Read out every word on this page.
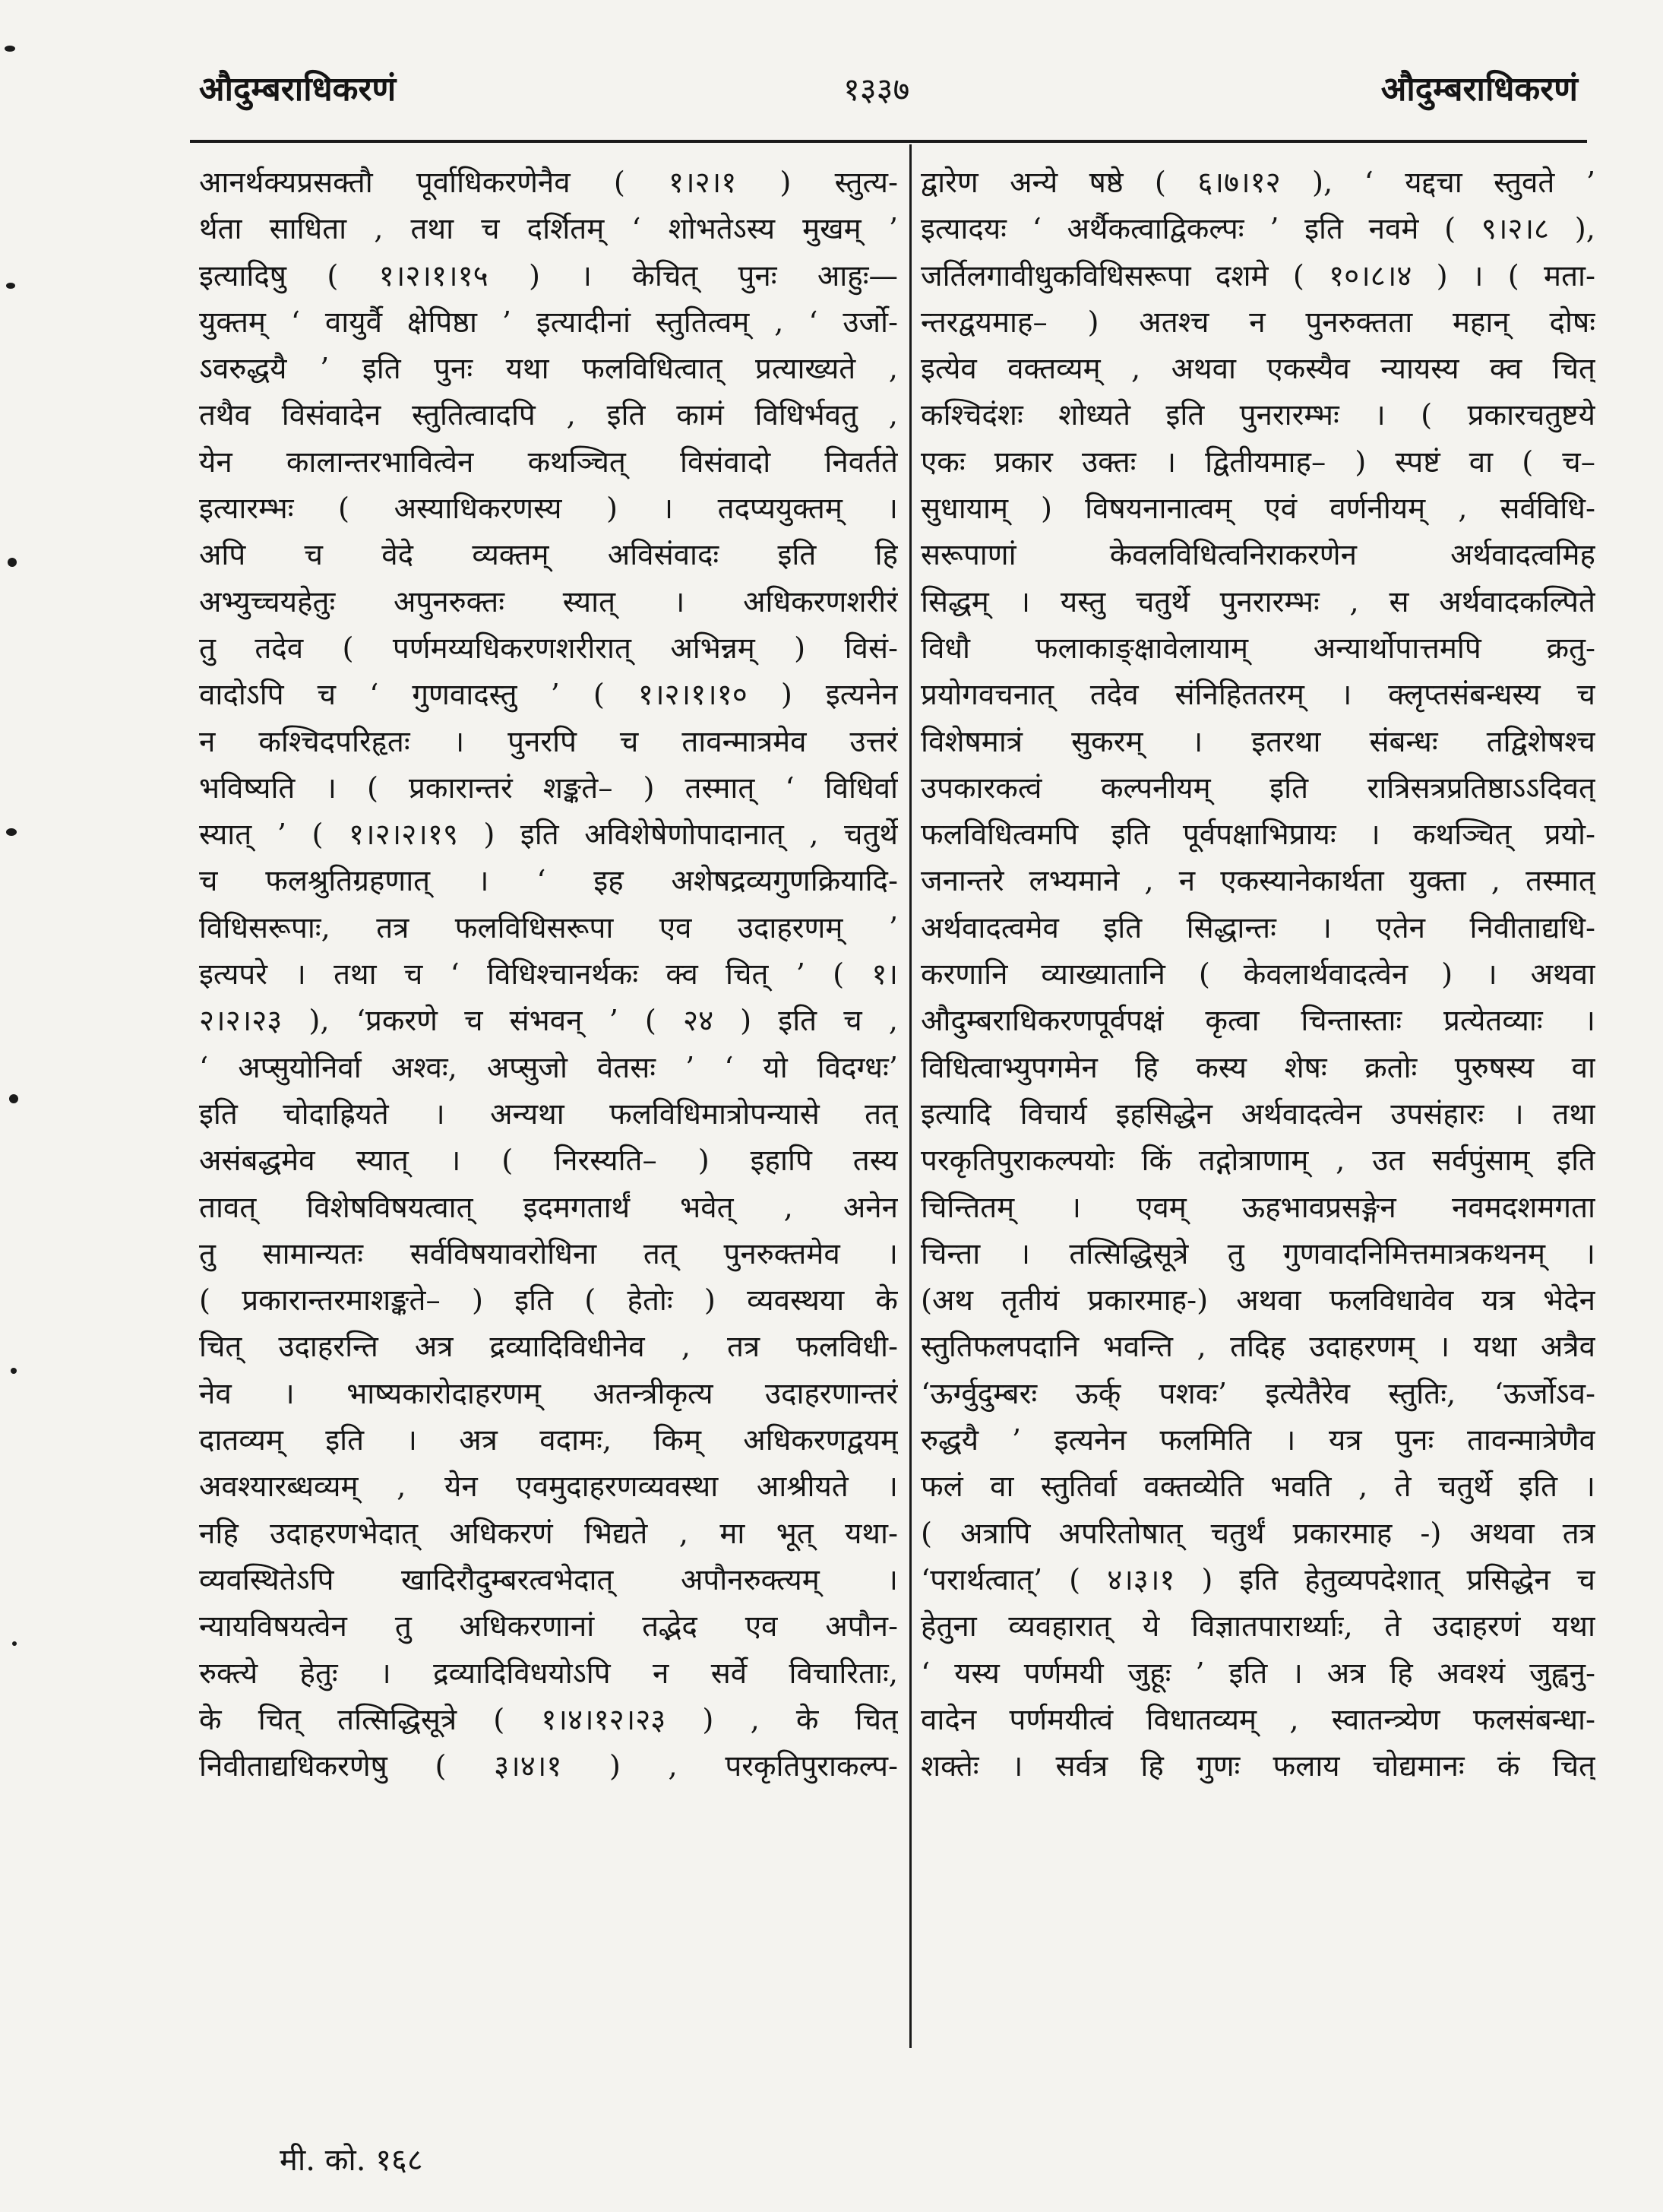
औदुम्बराधिकरणं	१३३७	औदुम्बराधिकरणं
आनर्थक्यप्रसक्तौ पूर्वाधिकरणेनैव ( १।२।१ ) स्तुत्य-
र्थता साधिता , तथा च दर्शितम् ‘ शोभतेऽस्य मुखम् ’
इत्यादिषु ( १।२।१।१५ ) । केचित् पुनः आहुः—
युक्तम् ‘ वायुर्वै क्षेपिष्ठा ’ इत्यादीनां स्तुतित्वम् , ‘ उर्जो-
ऽवरुद्धयै ’ इति पुनः यथा फलविधित्वात् प्रत्याख्यते ,
तथैव विसंवादेन स्तुतित्वादपि , इति कामं विधिर्भवतु ,
येन कालान्तरभावित्वेन कथञ्चित् विसंवादो निवर्तते
इत्यारम्भः ( अस्याधिकरणस्य ) । तदप्ययुक्तम् ।
अपि च वेदे व्यक्तम् अविसंवादः इति हि
अभ्युच्चयहेतुः अपुनरुक्तः स्यात् । अधिकरणशरीरं
तु तदेव ( पर्णमय्यधिकरणशरीरात् अभिन्नम् ) विसं-
वादोऽपि च ‘ गुणवादस्तु ’ ( १।२।१।१० ) इत्यनेन
न कश्चिदपरिहृतः । पुनरपि च तावन्मात्रमेव उत्तरं
भविष्यति । ( प्रकारान्तरं शङ्कते– ) तस्मात् ‘ विधिर्वा
स्यात् ’ ( १।२।२।१९ ) इति अविशेषेणोपादानात् , चतुर्थे
च फलश्रुतिग्रहणात् । ‘ इह अशेषद्रव्यगुणक्रियादि-
विधिसरूपाः, तत्र फलविधिसरूपा एव उदाहरणम् ’
इत्यपरे । तथा च ‘ विधिश्चानर्थकः क्व चित् ’ ( १।
२।२।२३ ), ‘प्रकरणे च संभवन् ’ ( २४ ) इति च ,
‘ अप्सुयोनिर्वा अश्वः, अप्सुजो वेतसः ’ ‘ यो विदग्धः’
इति चोदाह्रियते । अन्यथा फलविधिमात्रोपन्यासे तत्
असंबद्धमेव स्यात् । ( निरस्यति– ) इहापि तस्य
तावत् विशेषविषयत्वात् इदमगतार्थं भवेत् , अनेन
तु सामान्यतः सर्वविषयावरोधिना तत् पुनरुक्तमेव ।
( प्रकारान्तरमाशङ्कते– ) इति ( हेतोः ) व्यवस्थया के
चित् उदाहरन्ति अत्र द्रव्यादिविधीनेव , तत्र फलविधी-
नेव । भाष्यकारोदाहरणम् अतन्त्रीकृत्य उदाहरणान्तरं
दातव्यम् इति । अत्र वदामः, किम् अधिकरणद्वयम्
अवश्यारब्धव्यम् , येन एवमुदाहरणव्यवस्था आश्रीयते ।
नहि उदाहरणभेदात् अधिकरणं भिद्यते , मा भूत् यथा-
व्यवस्थितेऽपि खादिरौदुम्बरत्वभेदात् अपौनरुक्त्यम् ।
न्यायविषयत्वेन तु अधिकरणानां तद्भेद एव अपौन-
रुक्त्ये हेतुः । द्रव्यादिविधयोऽपि न सर्वे विचारिताः,
के चित् तत्सिद्धिसूत्रे ( १।४।१२।२३ ) , के चित्
निवीताद्यधिकरणेषु ( ३।४।१ ) , परकृतिपुराकल्प-
द्वारेण अन्ये षष्ठे ( ६।७।१२ ), ‘ यद्दचा स्तुवते ’
इत्यादयः ‘ अर्थैकत्वाद्विकल्पः ’ इति नवमे ( ९।२।८ ),
जर्तिलगावीधुकविधिसरूपा दशमे ( १०।८।४ ) । ( मता-
न्तरद्वयमाह– ) अतश्च न पुनरुक्तता महान् दोषः
इत्येव वक्तव्यम् , अथवा एकस्यैव न्यायस्य क्व चित्
कश्चिदंशः शोध्यते इति पुनरारम्भः । ( प्रकारचतुष्टये
एकः प्रकार उक्तः । द्वितीयमाह– ) स्पष्टं वा ( च–
सुधायाम् ) विषयनानात्वम् एवं वर्णनीयम् , सर्वविधि-
सरूपाणां केवलविधित्वनिराकरणेन अर्थवादत्वमिह
सिद्धम् । यस्तु चतुर्थे पुनरारम्भः , स अर्थवादकल्पिते
विधौ फलाकाङ्क्षावेलायाम् अन्यार्थोपात्तमपि क्रतु-
प्रयोगवचनात् तदेव संनिहिततरम् । क्लृप्तसंबन्धस्य च
विशेषमात्रं सुकरम् । इतरथा संबन्धः तद्विशेषश्च
उपकारकत्वं कल्पनीयम् इति रात्रिसत्रप्रतिष्ठाऽऽदिवत्
फलविधित्वमपि इति पूर्वपक्षाभिप्रायः । कथञ्चित् प्रयो-
जनान्तरे लभ्यमाने , न एकस्यानेकार्थता युक्ता , तस्मात्
अर्थवादत्वमेव इति सिद्धान्तः । एतेन निवीताद्यधि-
करणानि व्याख्यातानि ( केवलार्थवादत्वेन ) । अथवा
औदुम्बराधिकरणपूर्वपक्षं कृत्वा चिन्तास्ताः प्रत्येतव्याः ।
विधित्वाभ्युपगमेन हि कस्य शेषः क्रतोः पुरुषस्य वा
इत्यादि विचार्य इहसिद्धेन अर्थवादत्वेन उपसंहारः । तथा
परकृतिपुराकल्पयोः किं तद्गोत्राणाम् , उत सर्वपुंसाम् इति
चिन्तितम् । एवम् ऊहभावप्रसङ्गेन नवमदशमगता
चिन्ता । तत्सिद्धिसूत्रे तु गुणवादनिमित्तमात्रकथनम् ।
(अथ तृतीयं प्रकारमाह-) अथवा फलविधावेव यत्र भेदेन
स्तुतिफलपदानि भवन्ति , तदिह उदाहरणम् । यथा अत्रैव
‘ऊर्ग्वुदुम्बरः ऊर्क् पशवः’ इत्येतैरेव स्तुतिः, ‘ऊर्जोऽव-
रुद्धयै ’ इत्यनेन फलमिति । यत्र पुनः तावन्मात्रेणैव
फलं वा स्तुतिर्वा वक्तव्येति भवति , ते चतुर्थे इति ।
( अत्रापि अपरितोषात् चतुर्थं प्रकारमाह -) अथवा तत्र
‘परार्थत्वात्’ ( ४।३।१ ) इति हेतुव्यपदेशात् प्रसिद्धेन च
हेतुना व्यवहारात् ये विज्ञातपारार्थ्याः, ते उदाहरणं यथा
‘ यस्य पर्णमयी जुहूः ’ इति । अत्र हि अवश्यं जुह्वनु-
वादेन पर्णमयीत्वं विधातव्यम् , स्वातन्त्र्येण फलसंबन्धा-
शक्तेः । सर्वत्र हि गुणः फलाय चोद्यमानः कं चित्
मी. को. १६८
